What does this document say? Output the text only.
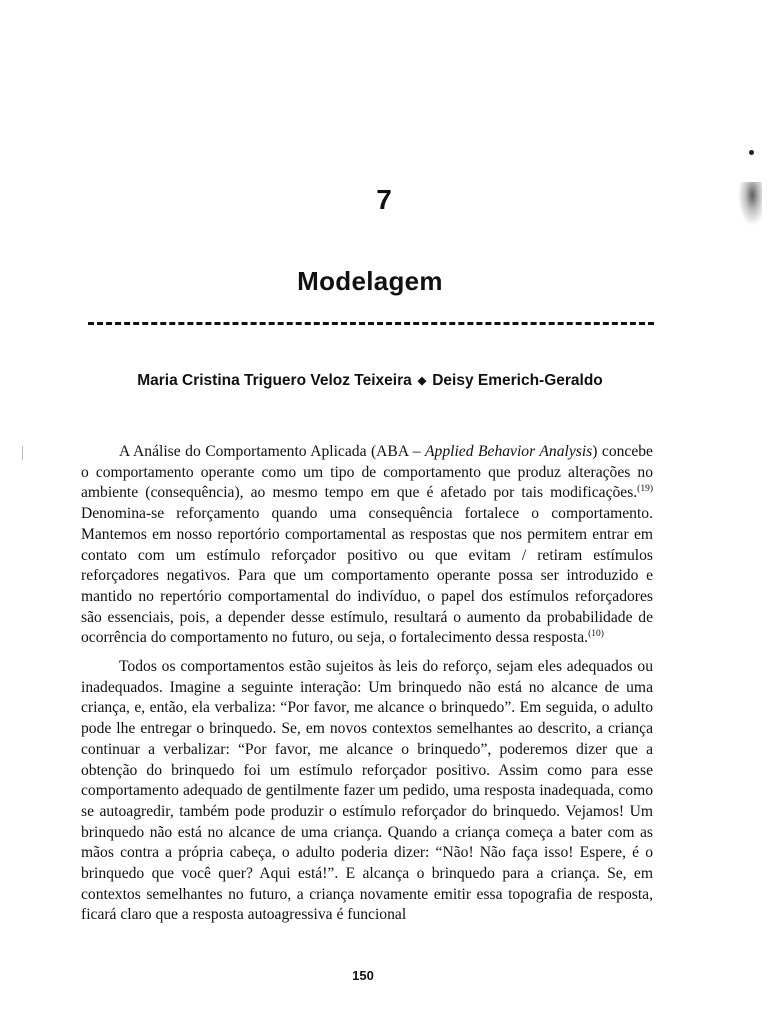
7
Modelagem
Maria Cristina Triguero Veloz Teixeira ◆ Deisy Emerich-Geraldo

A Análise do Comportamento Aplicada (ABA – Applied Behavior Analysis) concebe o comportamento operante como um tipo de comportamento que produz alterações no ambiente (consequência), ao mesmo tempo em que é afetado por tais modificações.$^{(19)}$ Denomina-se reforçamento quando uma consequência fortalece o comportamento. Mantemos em nosso reportório comportamental as respostas que nos permitem entrar em contato com um estímulo reforçador positivo ou que evitam / retiram estímulos reforçadores negativos. Para que um comportamento operante possa ser introduzido e mantido no repertório comportamental do indivíduo, o papel dos estímulos reforçadores são essenciais, pois, a depender desse estímulo, resultará o aumento da probabilidade de ocorrência do comportamento no futuro, ou seja, o fortalecimento dessa resposta.$^{(10)}$

Todos os comportamentos estão sujeitos às leis do reforço, sejam eles adequados ou inadequados. Imagine a seguinte interação: Um brinquedo não está no alcance de uma criança, e, então, ela verbaliza: “Por favor, me alcance o brinquedo”. Em seguida, o adulto pode lhe entregar o brinquedo. Se, em novos contextos semelhantes ao descrito, a criança continuar a verbalizar: “Por favor, me alcance o brinquedo”, poderemos dizer que a obtenção do brinquedo foi um estímulo reforçador positivo. Assim como para esse comportamento adequado de gentilmente fazer um pedido, uma resposta inadequada, como se autoagredir, também pode produzir o estímulo reforçador do brinquedo. Vejamos! Um brinquedo não está no alcance de uma criança. Quando a criança começa a bater com as mãos contra a própria cabeça, o adulto poderia dizer: “Não! Não faça isso! Espere, é o brinquedo que você quer? Aqui está!”. E alcança o brinquedo para a criança. Se, em contextos semelhantes no futuro, a criança novamente emitir essa topografia de resposta, ficará claro que a resposta autoagressiva é funcional

150
